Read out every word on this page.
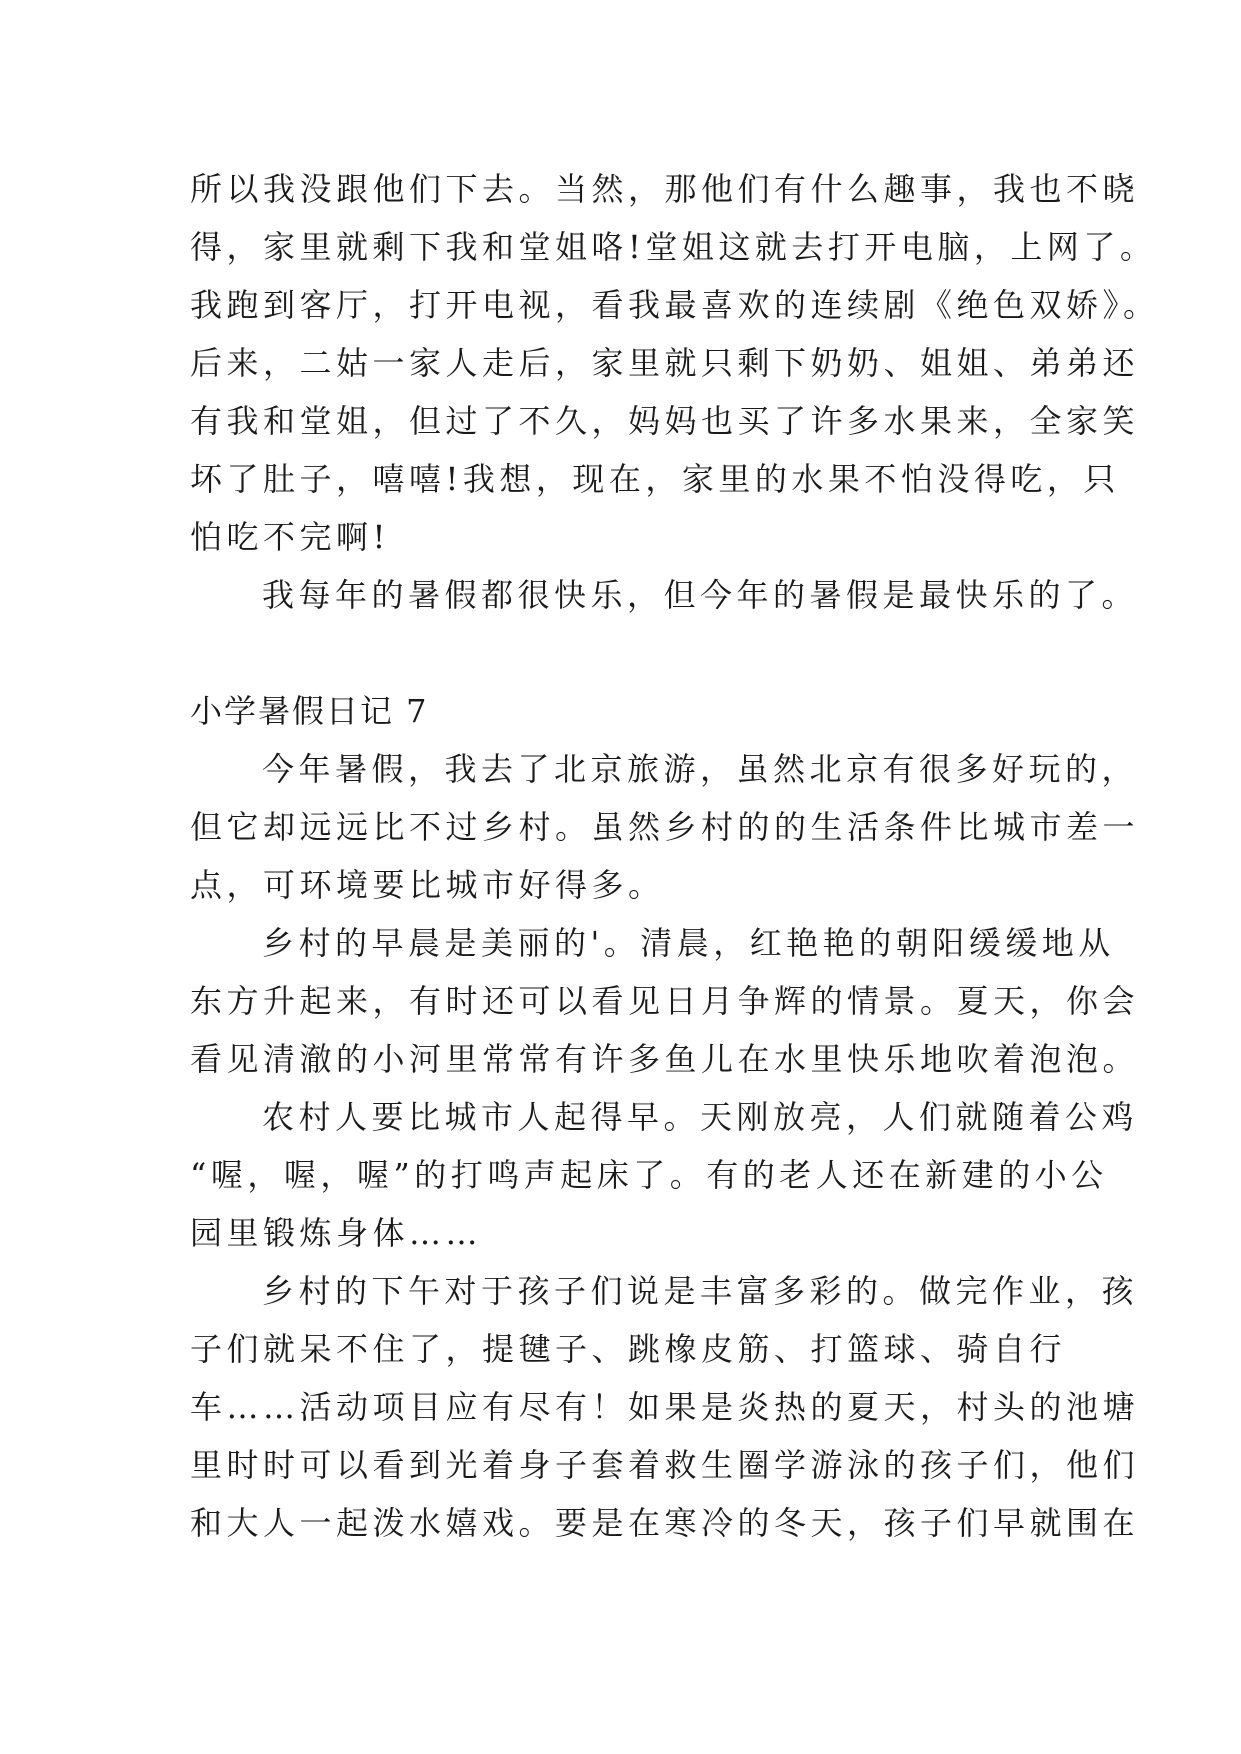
所以我没跟他们下去。当然，那他们有什么趣事，我也不晓
得，家里就剩下我和堂姐咯!堂姐这就去打开电脑，上网了。
我跑到客厅，打开电视，看我最喜欢的连续剧《绝色双娇》。
后来，二姑一家人走后，家里就只剩下奶奶、姐姐、弟弟还
有我和堂姐，但过了不久，妈妈也买了许多水果来，全家笑
坏了肚子，嘻嘻!我想，现在，家里的水果不怕没得吃，只
怕吃不完啊!
我每年的暑假都很快乐，但今年的暑假是最快乐的了。
小学暑假日记 7
今年暑假，我去了北京旅游，虽然北京有很多好玩的，
但它却远远比不过乡村。虽然乡村的的生活条件比城市差一
点，可环境要比城市好得多。
乡村的早晨是美丽的'。清晨，红艳艳的朝阳缓缓地从
东方升起来，有时还可以看见日月争辉的情景。夏天，你会
看见清澈的小河里常常有许多鱼儿在水里快乐地吹着泡泡。
农村人要比城市人起得早。天刚放亮，人们就随着公鸡
“喔，喔，喔”的打鸣声起床了。有的老人还在新建的小公
园里锻炼身体……
乡村的下午对于孩子们说是丰富多彩的。做完作业，孩
子们就呆不住了，提毽子、跳橡皮筋、打篮球、骑自行
车……活动项目应有尽有！如果是炎热的夏天，村头的池塘
里时时可以看到光着身子套着救生圈学游泳的孩子们，他们
和大人一起泼水嬉戏。要是在寒冷的冬天，孩子们早就围在
